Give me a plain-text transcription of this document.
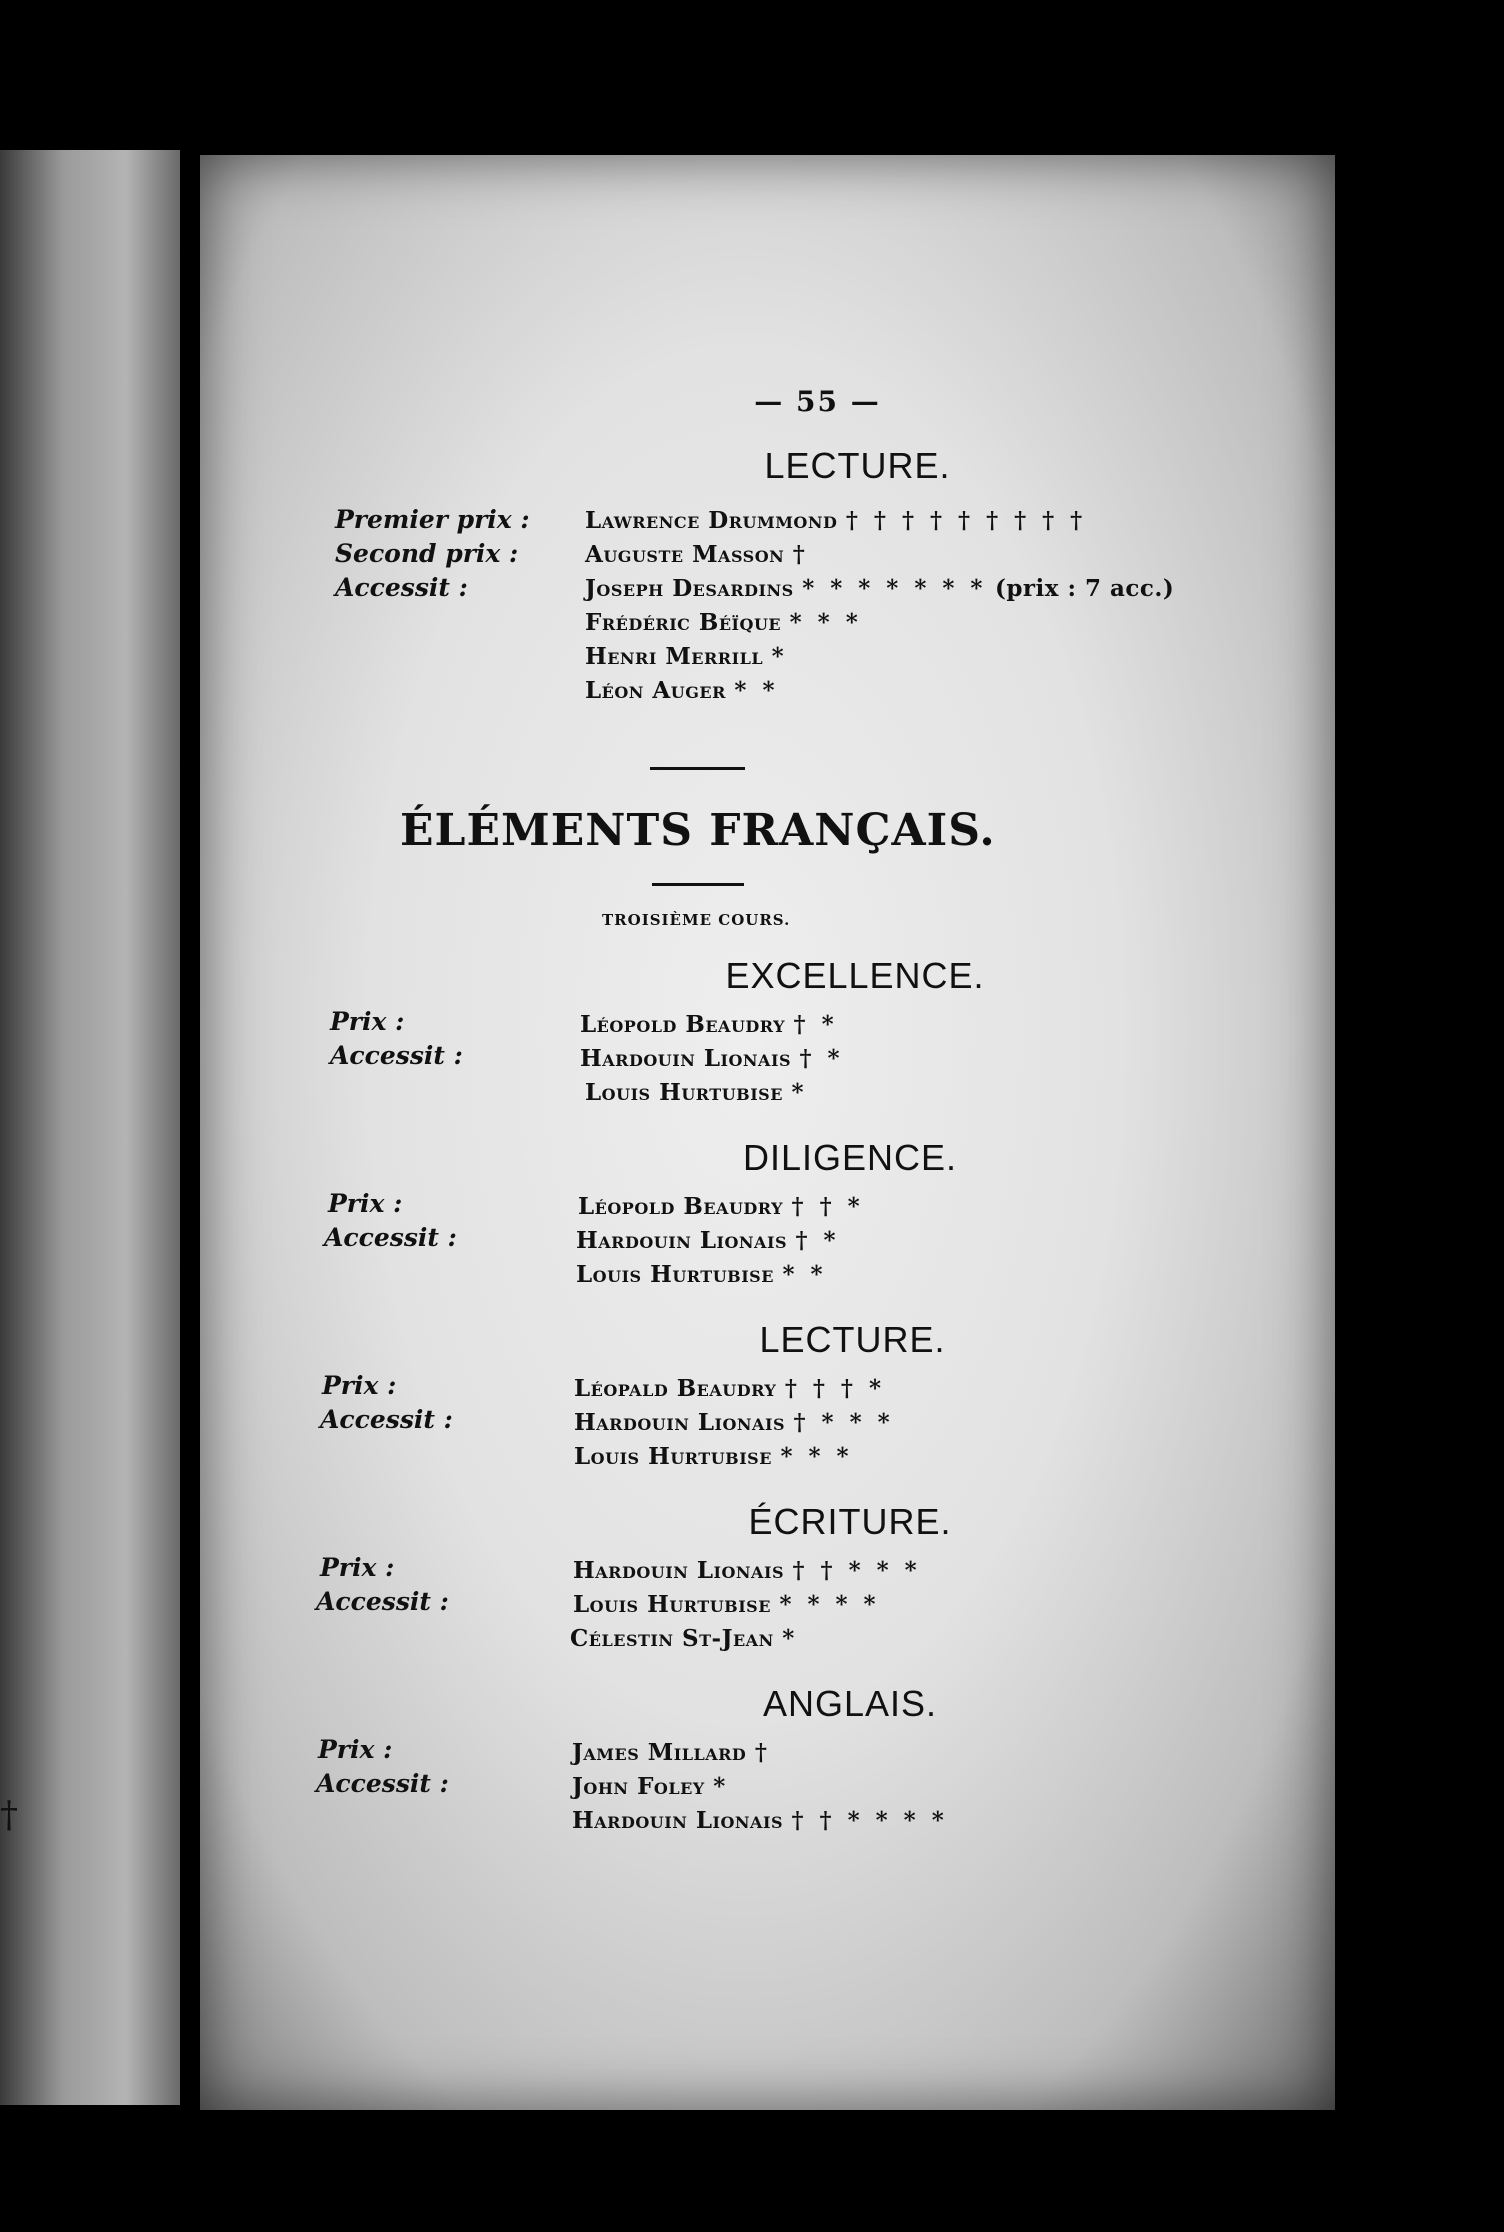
†
— 55 —
LECTURE.
Premier prix : Lawrence Drummond † † † † † † † † †
Second prix :	Auguste Masson †
Accessit :	Joseph Desardins * * * * * * * (prix : 7 acc.)
Frédéric Béïque * * *
Henri Merrill *
Léon Auger * *
ÉLÉMENTS FRANÇAIS.
TROISIÈME COURS.
EXCELLENCE.
Prix :	Léopold Beaudry † *
Accessit :	Hardouin Lionais † *
Louis Hurtubise *
DILIGENCE.
Prix :	Léopold Beaudry † † *
Accessit :	Hardouin Lionais † *
Louis Hurtubise * *
LECTURE.
Prix :	Léopald Beaudry † † † *
Accessit :	Hardouin Lionais † * * *
Louis Hurtubise * * *
ÉCRITURE.
Prix :	Hardouin Lionais † † * * *
Accessit :	Louis Hurtubise * * * *
Célestin St-Jean *
ANGLAIS.
Prix :	James Millard †
Accessit :	John Foley *
Hardouin Lionais † † * * * *
